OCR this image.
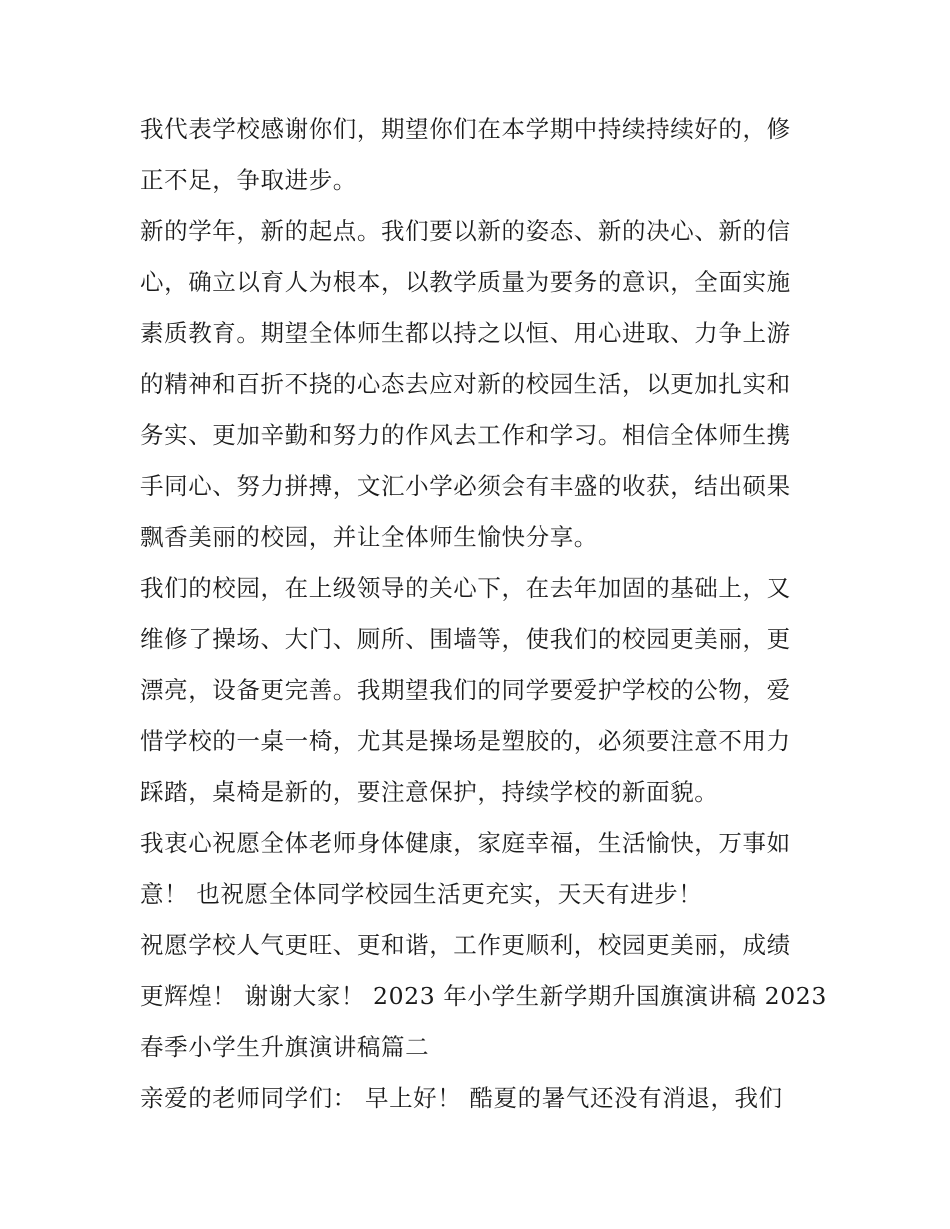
我代表学校感谢你们，期望你们在本学期中持续持续好的，修
正不足，争取进步。

新的学年，新的起点。我们要以新的姿态、新的决心、新的信
心，确立以育人为根本，以教学质量为要务的意识，全面实施
素质教育。期望全体师生都以持之以恒、用心进取、力争上游
的精神和百折不挠的心态去应对新的校园生活，以更加扎实和
务实、更加辛勤和努力的作风去工作和学习。相信全体师生携
手同心、努力拼搏，文汇小学必须会有丰盛的收获，结出硕果
飘香美丽的校园，并让全体师生愉快分享。

我们的校园，在上级领导的关心下，在去年加固的基础上，又
维修了操场、大门、厕所、围墙等，使我们的校园更美丽，更
漂亮，设备更完善。我期望我们的同学要爱护学校的公物，爱
惜学校的一桌一椅，尤其是操场是塑胶的，必须要注意不用力
踩踏，桌椅是新的，要注意保护，持续学校的新面貌。

我衷心祝愿全体老师身体健康，家庭幸福，生活愉快，万事如
意！ 也祝愿全体同学校园生活更充实，天天有进步！

祝愿学校人气更旺、更和谐，工作更顺利，校园更美丽，成绩
更辉煌！ 谢谢大家！ 2023 年小学生新学期升国旗演讲稿 2023
春季小学生升旗演讲稿篇二

亲爱的老师同学们： 早上好！ 酷夏的暑气还没有消退，我们
